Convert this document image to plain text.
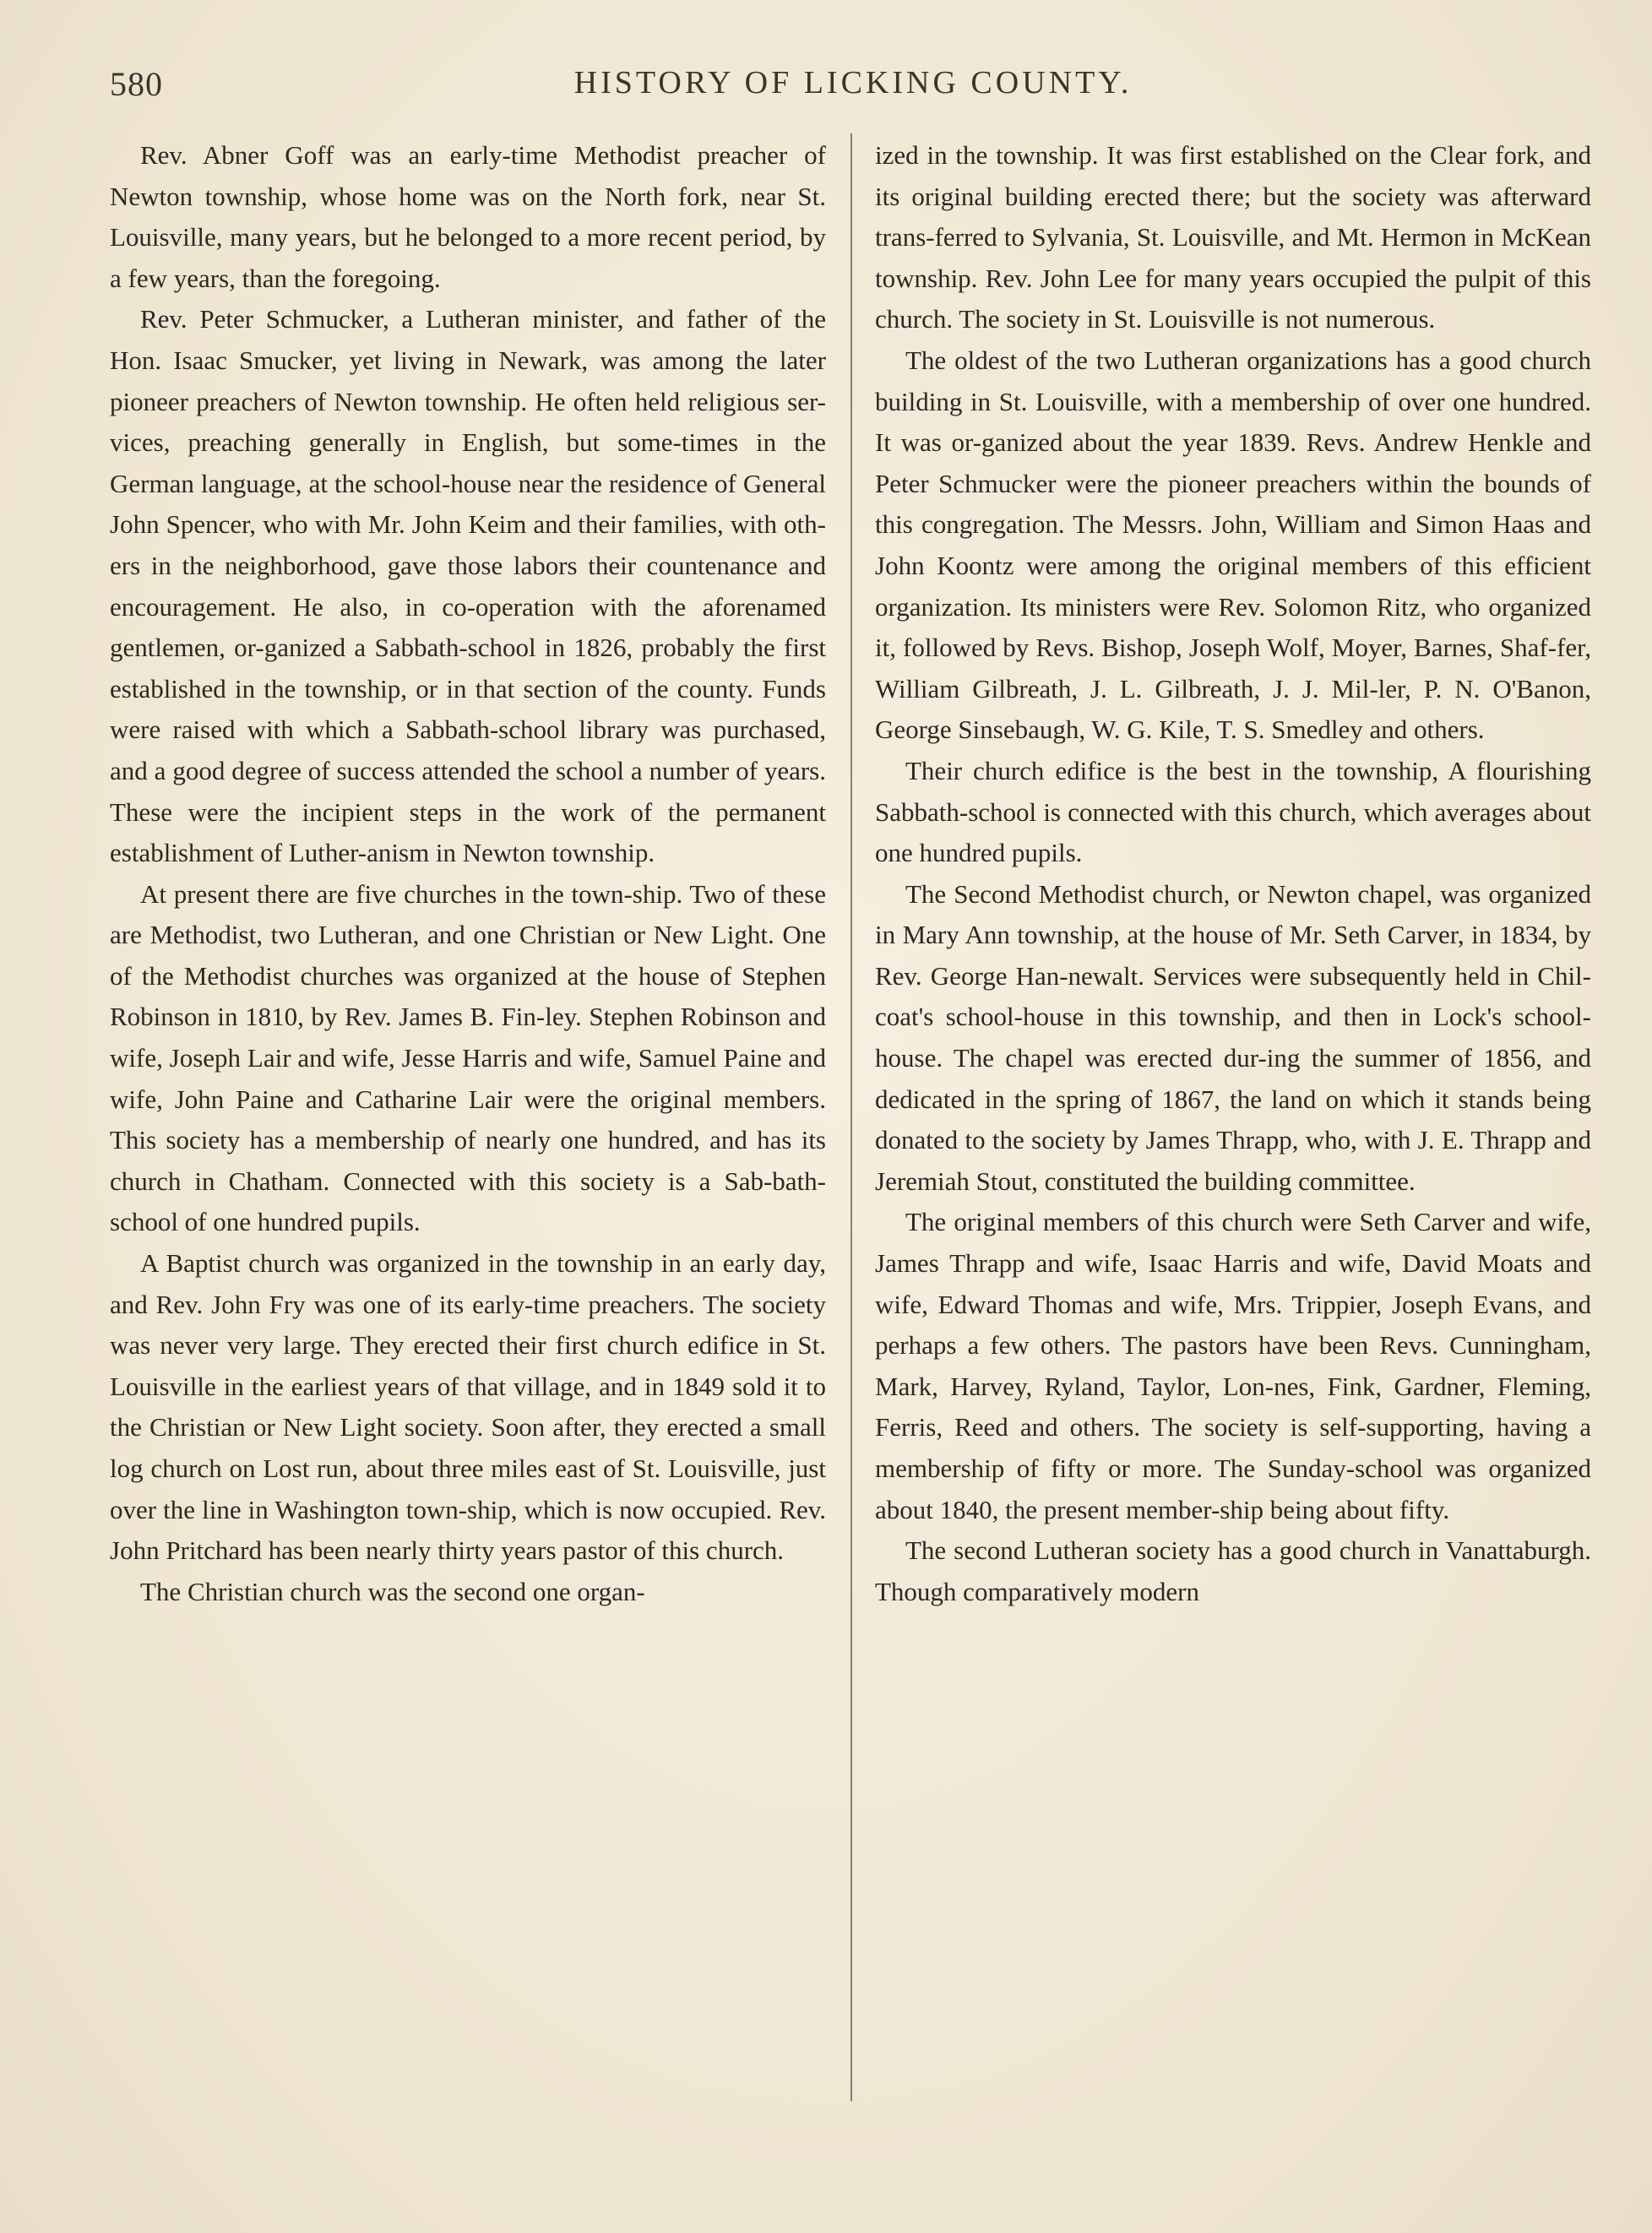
580	HISTORY OF LICKING COUNTY.

Rev. Abner Goff was an early-time Methodist preacher of Newton township, whose home was on the North fork, near St. Louisville, many years, but he belonged to a more recent period, by a few years, than the foregoing.

Rev. Peter Schmucker, a Lutheran minister, and father of the Hon. Isaac Smucker, yet living in Newark, was among the later pioneer preachers of Newton township. He often held religious ser-vices, preaching generally in English, but some-times in the German language, at the school-house near the residence of General John Spencer, who with Mr. John Keim and their families, with oth-ers in the neighborhood, gave those labors their countenance and encouragement. He also, in co-operation with the aforenamed gentlemen, or-ganized a Sabbath-school in 1826, probably the first established in the township, or in that section of the county. Funds were raised with which a Sabbath-school library was purchased, and a good degree of success attended the school a number of years. These were the incipient steps in the work of the permanent establishment of Luther-anism in Newton township.

At present there are five churches in the town-ship. Two of these are Methodist, two Lutheran, and one Christian or New Light. One of the Methodist churches was organized at the house of Stephen Robinson in 1810, by Rev. James B. Fin-ley. Stephen Robinson and wife, Joseph Lair and wife, Jesse Harris and wife, Samuel Paine and wife, John Paine and Catharine Lair were the original members. This society has a membership of nearly one hundred, and has its church in Chatham. Connected with this society is a Sab-bath-school of one hundred pupils.

A Baptist church was organized in the township in an early day, and Rev. John Fry was one of its early-time preachers. The society was never very large. They erected their first church edifice in St. Louisville in the earliest years of that village, and in 1849 sold it to the Christian or New Light society. Soon after, they erected a small log church on Lost run, about three miles east of St. Louisville, just over the line in Washington town-ship, which is now occupied. Rev. John Pritchard has been nearly thirty years pastor of this church.

The Christian church was the second one organ-

ized in the township. It was first established on the Clear fork, and its original building erected there; but the society was afterward trans-ferred to Sylvania, St. Louisville, and Mt. Hermon in McKean township. Rev. John Lee for many years occupied the pulpit of this church. The society in St. Louisville is not numerous.

The oldest of the two Lutheran organizations has a good church building in St. Louisville, with a membership of over one hundred. It was or-ganized about the year 1839. Revs. Andrew Henkle and Peter Schmucker were the pioneer preachers within the bounds of this congregation. The Messrs. John, William and Simon Haas and John Koontz were among the original members of this efficient organization. Its ministers were Rev. Solomon Ritz, who organized it, followed by Revs. Bishop, Joseph Wolf, Moyer, Barnes, Shaf-fer, William Gilbreath, J. L. Gilbreath, J. J. Mil-ler, P. N. O'Banon, George Sinsebaugh, W. G. Kile, T. S. Smedley and others.

Their church edifice is the best in the township, A flourishing Sabbath-school is connected with this church, which averages about one hundred pupils.

The Second Methodist church, or Newton chapel, was organized in Mary Ann township, at the house of Mr. Seth Carver, in 1834, by Rev. George Han-newalt. Services were subsequently held in Chil-coat's school-house in this township, and then in Lock's school-house. The chapel was erected dur-ing the summer of 1856, and dedicated in the spring of 1867, the land on which it stands being donated to the society by James Thrapp, who, with J. E. Thrapp and Jeremiah Stout, constituted the building committee.

The original members of this church were Seth Carver and wife, James Thrapp and wife, Isaac Harris and wife, David Moats and wife, Edward Thomas and wife, Mrs. Trippier, Joseph Evans, and perhaps a few others. The pastors have been Revs. Cunningham, Mark, Harvey, Ryland, Taylor, Lon-nes, Fink, Gardner, Fleming, Ferris, Reed and others. The society is self-supporting, having a membership of fifty or more. The Sunday-school was organized about 1840, the present member-ship being about fifty.

The second Lutheran society has a good church in Vanattaburgh. Though comparatively modern
